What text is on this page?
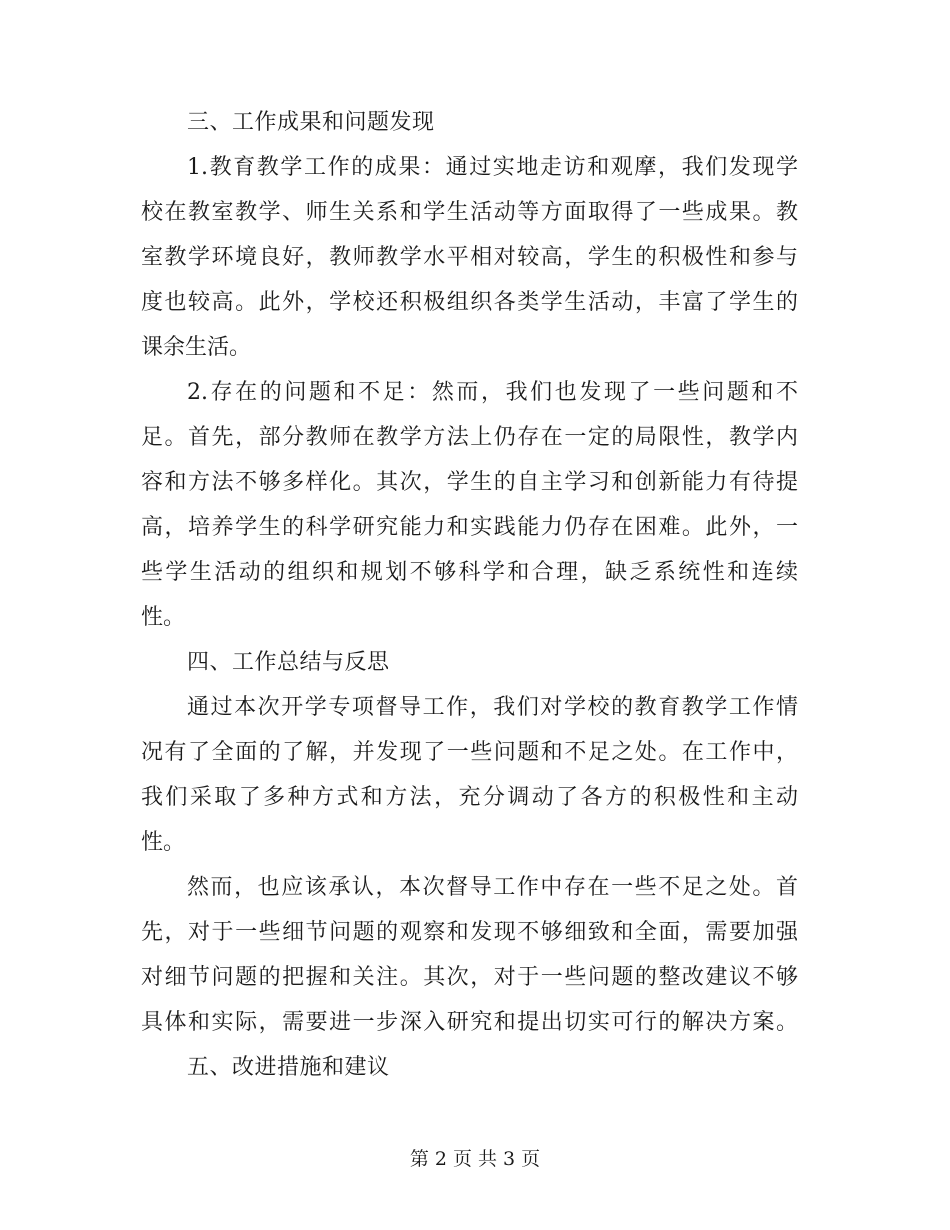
三、工作成果和问题发现
1.教育教学工作的成果：通过实地走访和观摩，我们发现学
校在教室教学、师生关系和学生活动等方面取得了一些成果。教
室教学环境良好，教师教学水平相对较高，学生的积极性和参与
度也较高。此外，学校还积极组织各类学生活动，丰富了学生的
课余生活。
2.存在的问题和不足：然而，我们也发现了一些问题和不
足。首先，部分教师在教学方法上仍存在一定的局限性，教学内
容和方法不够多样化。其次，学生的自主学习和创新能力有待提
高，培养学生的科学研究能力和实践能力仍存在困难。此外，一
些学生活动的组织和规划不够科学和合理，缺乏系统性和连续
性。
四、工作总结与反思
通过本次开学专项督导工作，我们对学校的教育教学工作情
况有了全面的了解，并发现了一些问题和不足之处。在工作中，
我们采取了多种方式和方法，充分调动了各方的积极性和主动
性。
然而，也应该承认，本次督导工作中存在一些不足之处。首
先，对于一些细节问题的观察和发现不够细致和全面，需要加强
对细节问题的把握和关注。其次，对于一些问题的整改建议不够
具体和实际，需要进一步深入研究和提出切实可行的解决方案。
五、改进措施和建议
第 2 页 共 3 页
